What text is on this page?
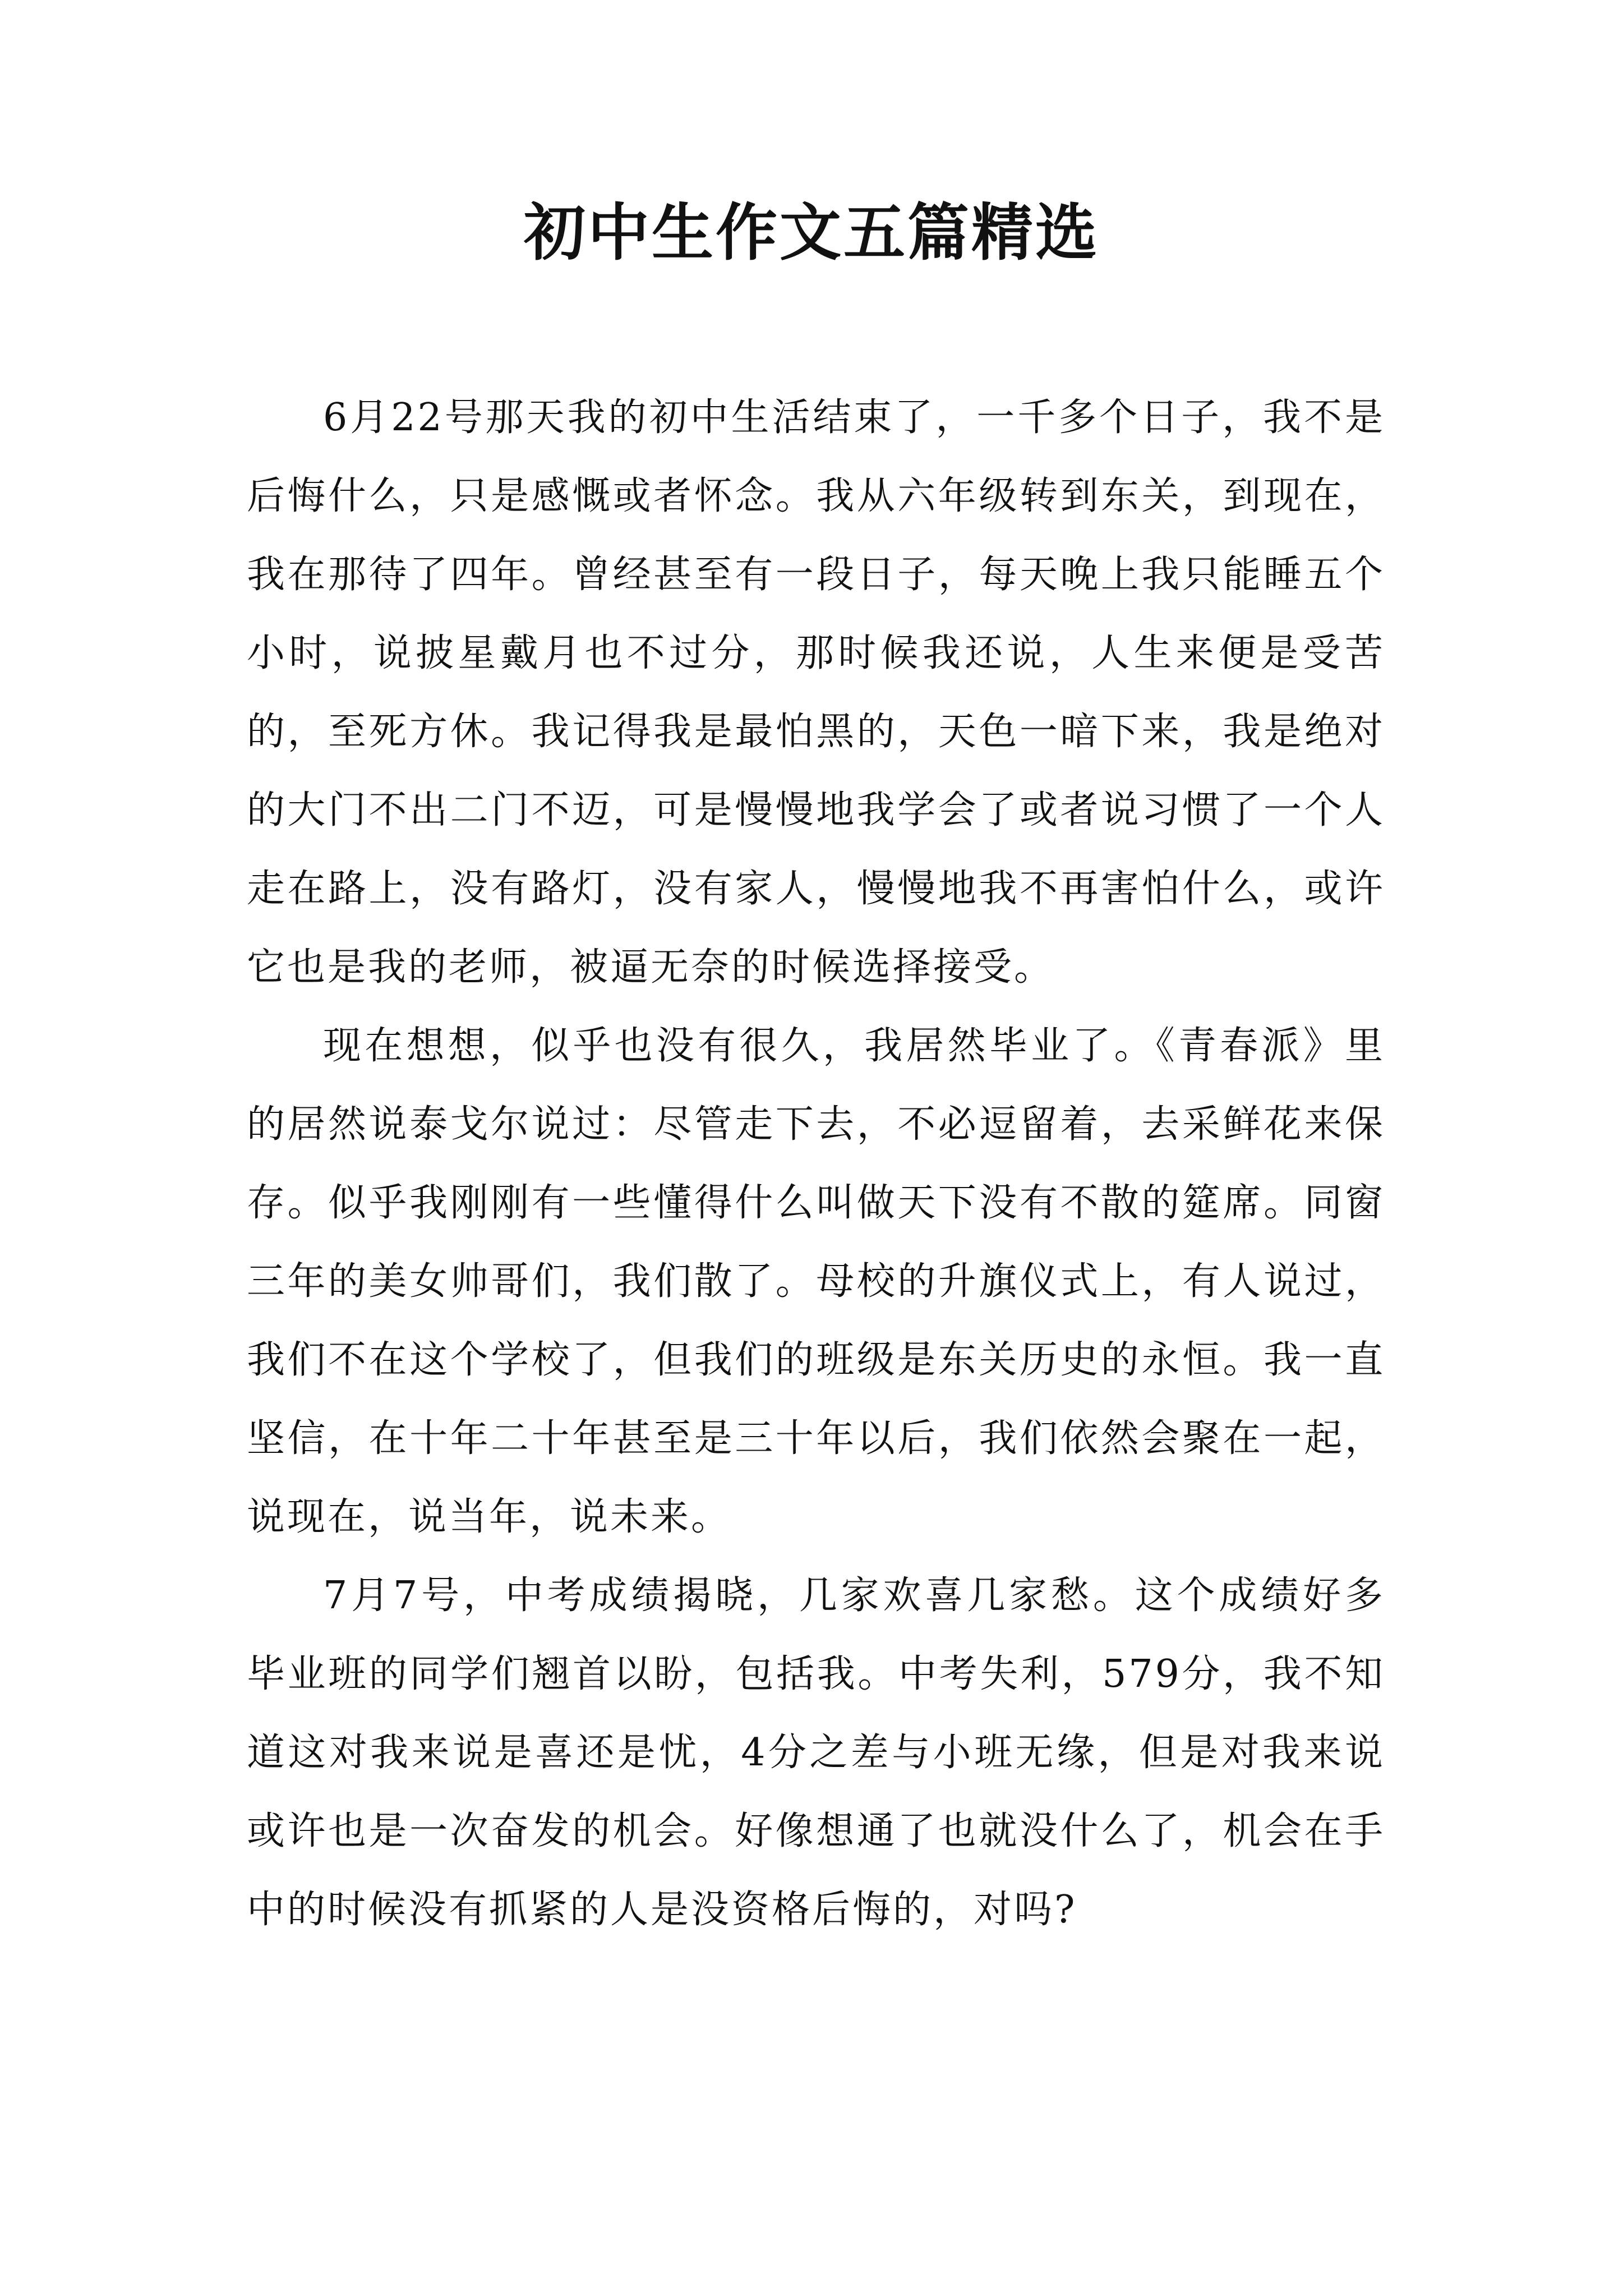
初中生作文五篇精选

6月22号那天我的初中生活结束了，一千多个日子，我不是后悔什么，只是感慨或者怀念。我从六年级转到东关，到现在，我在那待了四年。曾经甚至有一段日子，每天晚上我只能睡五个小时，说披星戴月也不过分，那时候我还说，人生来便是受苦的，至死方休。我记得我是最怕黑的，天色一暗下来，我是绝对的大门不出二门不迈，可是慢慢地我学会了或者说习惯了一个人走在路上，没有路灯，没有家人，慢慢地我不再害怕什么，或许它也是我的老师，被逼无奈的时候选择接受。

现在想想，似乎也没有很久，我居然毕业了。《青春派》里的居然说泰戈尔说过：尽管走下去，不必逗留着，去采鲜花来保存。似乎我刚刚有一些懂得什么叫做天下没有不散的筵席。同窗三年的美女帅哥们，我们散了。母校的升旗仪式上，有人说过，我们不在这个学校了，但我们的班级是东关历史的永恒。我一直坚信，在十年二十年甚至是三十年以后，我们依然会聚在一起，说现在，说当年，说未来。

7月7号，中考成绩揭晓，几家欢喜几家愁。这个成绩好多毕业班的同学们翘首以盼，包括我。中考失利，579分，我不知道这对我来说是喜还是忧，4分之差与小班无缘，但是对我来说或许也是一次奋发的机会。好像想通了也就没什么了，机会在手中的时候没有抓紧的人是没资格后悔的，对吗?
